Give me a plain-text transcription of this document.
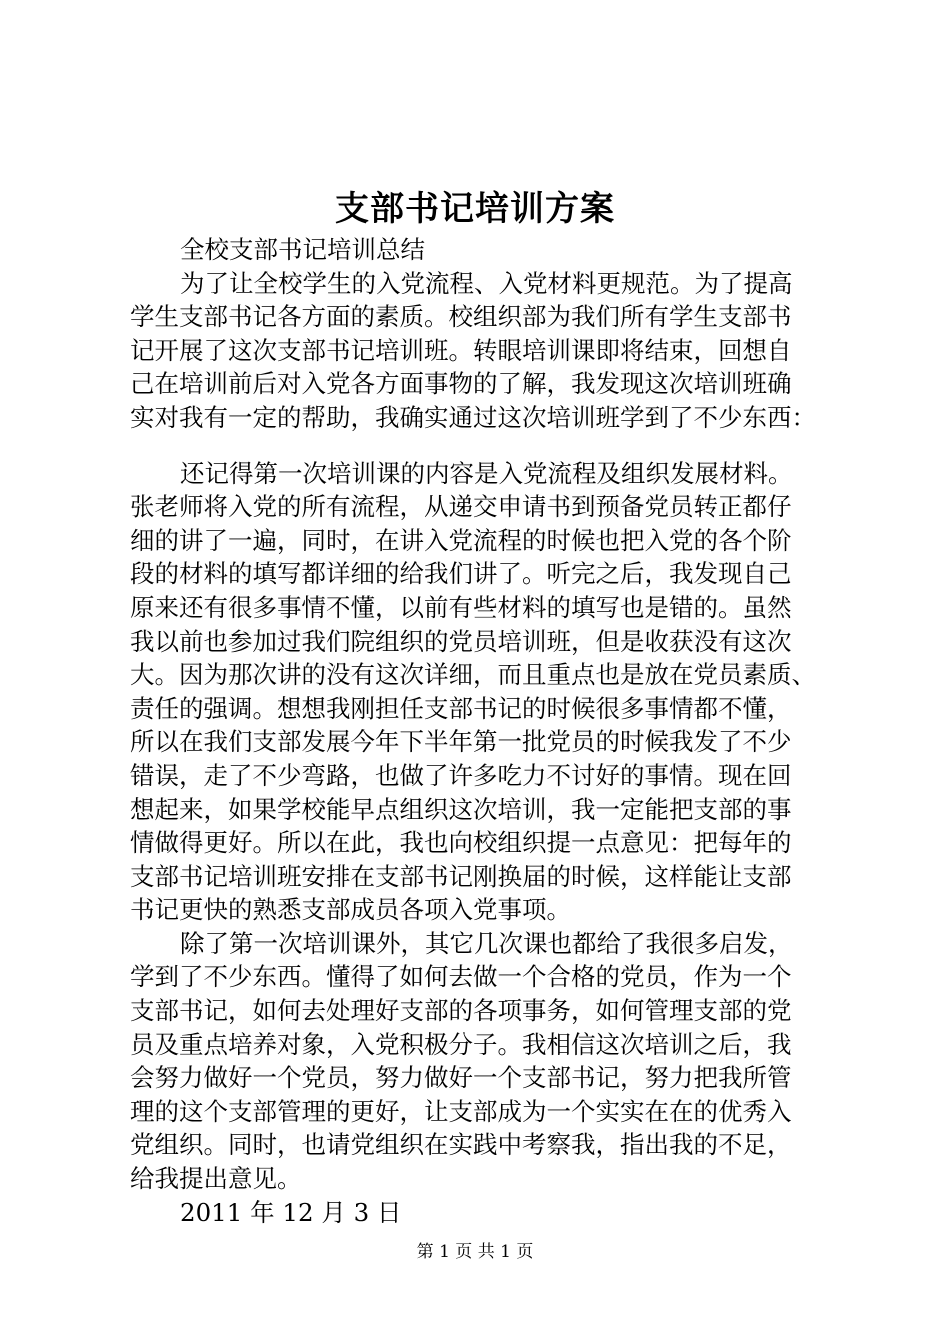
支部书记培训方案
全校支部书记培训总结
为了让全校学生的入党流程、入党材料更规范。为了提高
学生支部书记各方面的素质。校组织部为我们所有学生支部书
记开展了这次支部书记培训班。转眼培训课即将结束，回想自
己在培训前后对入党各方面事物的了解，我发现这次培训班确
实对我有一定的帮助，我确实通过这次培训班学到了不少东西：
还记得第一次培训课的内容是入党流程及组织发展材料。
张老师将入党的所有流程，从递交申请书到预备党员转正都仔
细的讲了一遍，同时，在讲入党流程的时候也把入党的各个阶
段的材料的填写都详细的给我们讲了。听完之后，我发现自己
原来还有很多事情不懂，以前有些材料的填写也是错的。虽然
我以前也参加过我们院组织的党员培训班，但是收获没有这次
大。因为那次讲的没有这次详细，而且重点也是放在党员素质、
责任的强调。想想我刚担任支部书记的时候很多事情都不懂，
所以在我们支部发展今年下半年第一批党员的时候我发了不少
错误，走了不少弯路，也做了许多吃力不讨好的事情。现在回
想起来，如果学校能早点组织这次培训，我一定能把支部的事
情做得更好。所以在此，我也向校组织提一点意见：把每年的
支部书记培训班安排在支部书记刚换届的时候，这样能让支部
书记更快的熟悉支部成员各项入党事项。
除了第一次培训课外，其它几次课也都给了我很多启发，
学到了不少东西。懂得了如何去做一个合格的党员，作为一个
支部书记，如何去处理好支部的各项事务，如何管理支部的党
员及重点培养对象，入党积极分子。我相信这次培训之后，我
会努力做好一个党员，努力做好一个支部书记，努力把我所管
理的这个支部管理的更好，让支部成为一个实实在在的优秀入
党组织。同时，也请党组织在实践中考察我，指出我的不足，
给我提出意见。
2011 年 12 月 3 日
第 1 页 共 1 页
